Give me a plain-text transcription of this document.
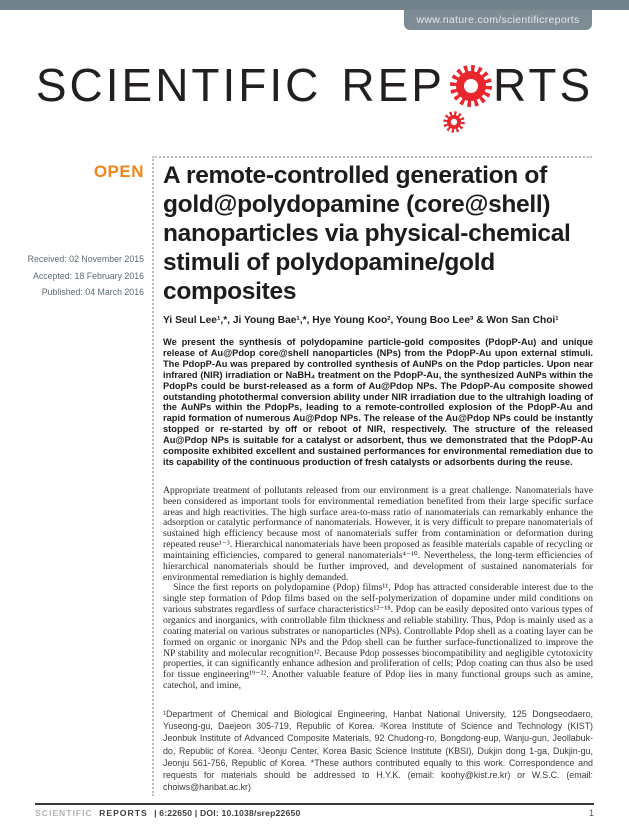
www.nature.com/scientificreports
SCIENTIFIC REP RTS
OPEN
Received: 02 November 2015
Accepted: 18 February 2016
Published: 04 March 2016
A remote-controlled generation of
gold@polydopamine (core@shell)
nanoparticles via physical-chemical
stimuli of polydopamine/gold
composites
Yi Seul Lee¹,*, Ji Young Bae¹,*, Hye Young Koo², Young Boo Lee³ & Won San Choi¹
We present the synthesis of polydopamine particle-gold composites (PdopP-Au) and unique release of Au@Pdop core@shell nanoparticles (NPs) from the PdopP-Au upon external stimuli. The PdopP-Au was prepared by controlled synthesis of AuNPs on the Pdop particles. Upon near infrared (NIR) irradiation or NaBH₄ treatment on the PdopP-Au, the synthesized AuNPs within the PdopPs could be burst-released as a form of Au@Pdop NPs. The PdopP-Au composite showed outstanding photothermal conversion ability under NIR irradiation due to the ultrahigh loading of the AuNPs within the PdopPs, leading to a remote-controlled explosion of the PdopP-Au and rapid formation of numerous Au@Pdop NPs. The release of the Au@Pdop NPs could be instantly stopped or re-started by off or reboot of NIR, respectively. The structure of the released Au@Pdop NPs is suitable for a catalyst or adsorbent, thus we demonstrated that the PdopP-Au composite exhibited excellent and sustained performances for environmental remediation due to its capability of the continuous production of fresh catalysts or adsorbents during the reuse.

Appropriate treatment of pollutants released from our environment is a great challenge. Nanomaterials have been considered as important tools for environmental remediation benefited from their large specific surface areas and high reactivities. The high surface area-to-mass ratio of nanomaterials can remarkably enhance the adsorption or catalytic performance of nanomaterials. However, it is very difficult to prepare nanomaterials of sustained high efficiency because most of nanomaterials suffer from contamination or deformation during repeated reuse¹⁻³. Hierarchical nanomaterials have been proposed as feasible materials capable of recycling or maintaining efficiencies, compared to general nanomaterials⁴⁻¹⁰. Nevertheless, the long-term efficiencies of hierarchical nanomaterials should be further improved, and development of sustained nanomaterials for environmental remediation is highly demanded.

Since the first reports on polydopamine (Pdop) films¹¹, Pdop has attracted considerable interest due to the single step formation of Pdop films based on the self-polymerization of dopamine under mild conditions on various substrates regardless of surface characteristics¹²⁻¹⁸. Pdop can be easily deposited onto various types of organics and inorganics, with controllable film thickness and reliable stability. Thus, Pdop is mainly used as a coating material on various substrates or nanoparticles (NPs). Controllable Pdop shell as a coating layer can be formed on organic or inorganic NPs and the Pdop shell can be further surface-functionalized to improve the NP stability and molecular recognition¹². Because Pdop possesses biocompatibility and negligible cytotoxicity properties, it can significantly enhance adhesion and proliferation of cells; Pdop coating can thus also be used for tissue engineering¹⁹⁻²². Another valuable feature of Pdop lies in many functional groups such as amine, catechol, and imine,

¹Department of Chemical and Biological Engineering, Hanbat National University, 125 Dongseodaero, Yuseong-gu, Daejeon 305-719, Republic of Korea. ²Korea Institute of Science and Technology (KIST) Jeonbuk Institute of Advanced Composite Materials, 92 Chudong-ro, Bongdong-eup, Wanju-gun, Jeollabuk-do, Republic of Korea. ³Jeonju Center, Korea Basic Science Institute (KBSI), Dukjin dong 1-ga, Dukjin-gu, Jeonju 561-756, Republic of Korea. *These authors contributed equally to this work. Correspondence and requests for materials should be addressed to H.Y.K. (email: koohy@kist.re.kr) or W.S.C. (email: choiws@hanbat.ac.kr)
SCIENTIFIC REPORTS | 6:22650 | DOI: 10.1038/srep22650	1
